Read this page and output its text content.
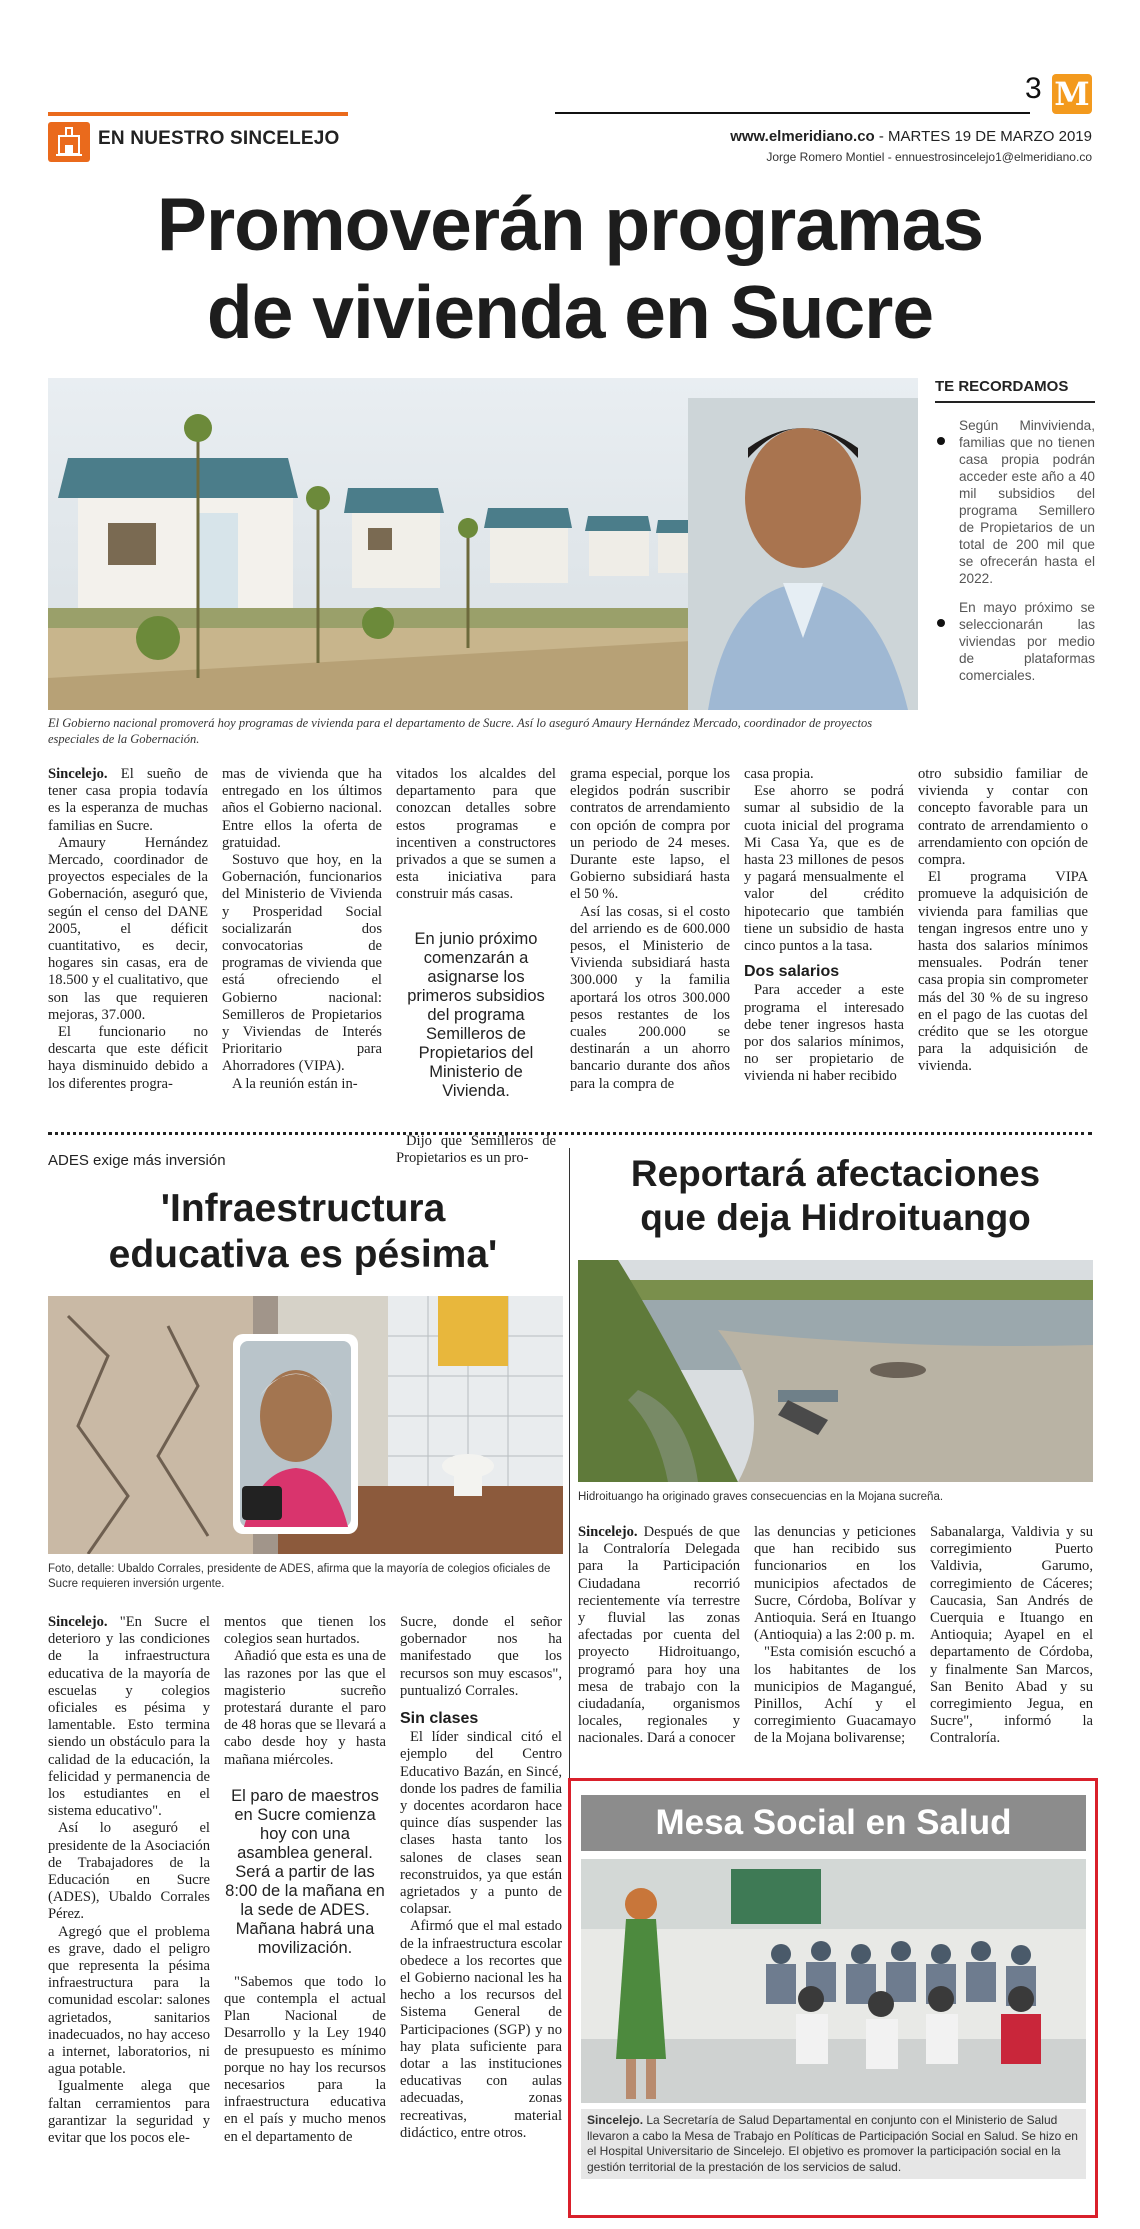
EN NUESTRO SINCELEJO
3 M
www.elmeridiano.co - MARTES 19 DE MARZO 2019
Jorge Romero Montiel - ennuestrosincelejo1@elmeridiano.co
Promoverán programas
de vivienda en Sucre
El Gobierno nacional promoverá hoy programas de vivienda para el departamento de Sucre. Así lo aseguró Amaury Hernández Mercado, coordinador de proyectos especiales de la Gobernación.
TE RECORDAMOS
Según Minvivienda, familias que no tienen casa propia podrán acceder este año a 40 mil subsidios del programa Semillero de Propietarios de un total de 200 mil que se ofrecerán hasta el 2022.
En mayo próximo se seleccionarán las viviendas por medio de plataformas comerciales.

Sincelejo. El sueño de tener casa propia todavía es la esperanza de muchas familias en Sucre.

Amaury Hernández Mercado, coordinador de proyectos especiales de la Gobernación, aseguró que, según el censo del DANE 2005, el déficit cuantitativo, es decir, hogares sin casas, era de 18.500 y el cualitativo, que son las que requieren mejoras, 37.000.

El funcionario no descarta que este déficit haya disminuido debido a los diferentes progra-

mas de vivienda que ha entregado en los últimos años el Gobierno nacional. Entre ellos la oferta de gratuidad.

Sostuvo que hoy, en la Gobernación, funcionarios del Ministerio de Vivienda y Prosperidad Social socializarán dos convocatorias de programas de vivienda que está ofreciendo el Gobierno nacional: Semilleros de Propietarios y Viviendas de Interés Prioritario para Ahorradores (VIPA).

A la reunión están in-

vitados los alcaldes del departamento para que conozcan detalles sobre estos programas e incentiven a constructores privados a que se sumen a esta iniciativa para construir más casas.

En junio próximo comenzarán a asignarse los primeros subsidios del programa Semilleros de Propietarios del Ministerio de Vivienda.

Dijo que Semilleros de Propietarios es un pro-

grama especial, porque los elegidos podrán suscribir contratos de arrendamiento con opción de compra por un periodo de 24 meses. Durante este lapso, el Gobierno subsidiará hasta el 50 %.

Así las cosas, si el costo del arriendo es de 600.000 pesos, el Ministerio de Vivienda subsidiará hasta 300.000 y la familia aportará los otros 300.000 pesos restantes de los cuales 200.000 se destinarán a un ahorro bancario durante dos años para la compra de

casa propia.

Ese ahorro se podrá sumar al subsidio de la cuota inicial del programa Mi Casa Ya, que es de hasta 23 millones de pesos y pagará mensualmente el valor del crédito hipotecario que también tiene un subsidio de hasta cinco puntos a la tasa.

Dos salarios

Para acceder a este programa el interesado debe tener ingresos hasta por dos salarios mínimos, no ser propietario de vivienda ni haber recibido

otro subsidio familiar de vivienda y contar con concepto favorable para un contrato de arrendamiento o arrendamiento con opción de compra.

El programa VIPA promueve la adquisición de vivienda para familias que tengan ingresos entre uno y hasta dos salarios mínimos mensuales. Podrán tener casa propia sin comprometer más del 30 % de su ingreso en el pago de las cuotas del crédito que se les otorgue para la adquisición de vivienda.

ADES exige más inversión
'Infraestructura
educativa es pésima'
Foto, detalle: Ubaldo Corrales, presidente de ADES, afirma que la mayoría de colegios oficiales de Sucre requieren inversión urgente.

Sincelejo. "En Sucre el deterioro y las condiciones de la infraestructura educativa de la mayoría de escuelas y colegios oficiales es pésima y lamentable. Esto termina siendo un obstáculo para la calidad de la educación, la felicidad y permanencia de los estudiantes en el sistema educativo".

Así lo aseguró el presidente de la Asociación de Trabajadores de la Educación en Sucre (ADES), Ubaldo Corrales Pérez.

Agregó que el problema es grave, dado el peligro que representa la pésima infraestructura para la comunidad escolar: salones agrietados, sanitarios inadecuados, no hay acceso a internet, laboratorios, ni agua potable.

Igualmente alega que faltan cerramientos para garantizar la seguridad y evitar que los pocos ele-

mentos que tienen los colegios sean hurtados.

Añadió que esta es una de las razones por las que el magisterio sucreño protestará durante el paro de 48 horas que se llevará a cabo desde hoy y hasta mañana miércoles.

El paro de maestros en Sucre comienza hoy con una asamblea general. Será a partir de las 8:00 de la mañana en la sede de ADES. Mañana habrá una movilización.

"Sabemos que todo lo que contempla el actual Plan Nacional de Desarrollo y la Ley 1940 de presupuesto es mínimo porque no hay los recursos necesarios para la infraestructura educativa en el país y mucho menos en el departamento de

Sucre, donde el señor gobernador nos ha manifestado que los recursos son muy escasos", puntualizó Corrales.

Sin clases

El líder sindical citó el ejemplo del Centro Educativo Bazán, en Sincé, donde los padres de familia y docentes acordaron hace quince días suspender las clases hasta tanto los salones de clases sean reconstruidos, ya que están agrietados y a punto de colapsar.

Afirmó que el mal estado de la infraestructura escolar obedece a los recortes que el Gobierno nacional les ha hecho a los recursos del Sistema General de Participaciones (SGP) y no hay plata suficiente para dotar a las instituciones educativas con aulas adecuadas, zonas recreativas, material didáctico, entre otros.

Reportará afectaciones
que deja Hidroituango
Hidroituango ha originado graves consecuencias en la Mojana sucreña.

Sincelejo. Después de que la Contraloría Delegada para la Participación Ciudadana recorrió recientemente vía terrestre y fluvial las zonas afectadas por cuenta del proyecto Hidroituango, programó para hoy una mesa de trabajo con la ciudadanía, organismos locales, regionales y nacionales. Dará a conocer

las denuncias y peticiones que han recibido sus funcionarios en los municipios afectados de Sucre, Córdoba, Bolívar y Antioquia. Será en Ituango (Antioquia) a las 2:00 p. m.

"Esta comisión escuchó a los habitantes de los municipios de Magangué, Pinillos, Achí y el corregimiento Guacamayo de la Mojana bolivarense;

Sabanalarga, Valdivia y su corregimiento Puerto Valdivia, Garumo, corregimiento de Cáceres; Caucasia, San Andrés de Cuerquia e Ituango en Antioquia; Ayapel en el departamento de Córdoba, y finalmente San Marcos, San Benito Abad y su corregimiento Jegua, en Sucre", informó la Contraloría.

Mesa Social en Salud
Sincelejo. La Secretaría de Salud Departamental en conjunto con el Ministerio de Salud llevaron a cabo la Mesa de Trabajo en Políticas de Participación Social en Salud. Se hizo en el Hospital Universitario de Sincelejo. El objetivo es promover la participación social en la gestión territorial de la prestación de los servicios de salud.
